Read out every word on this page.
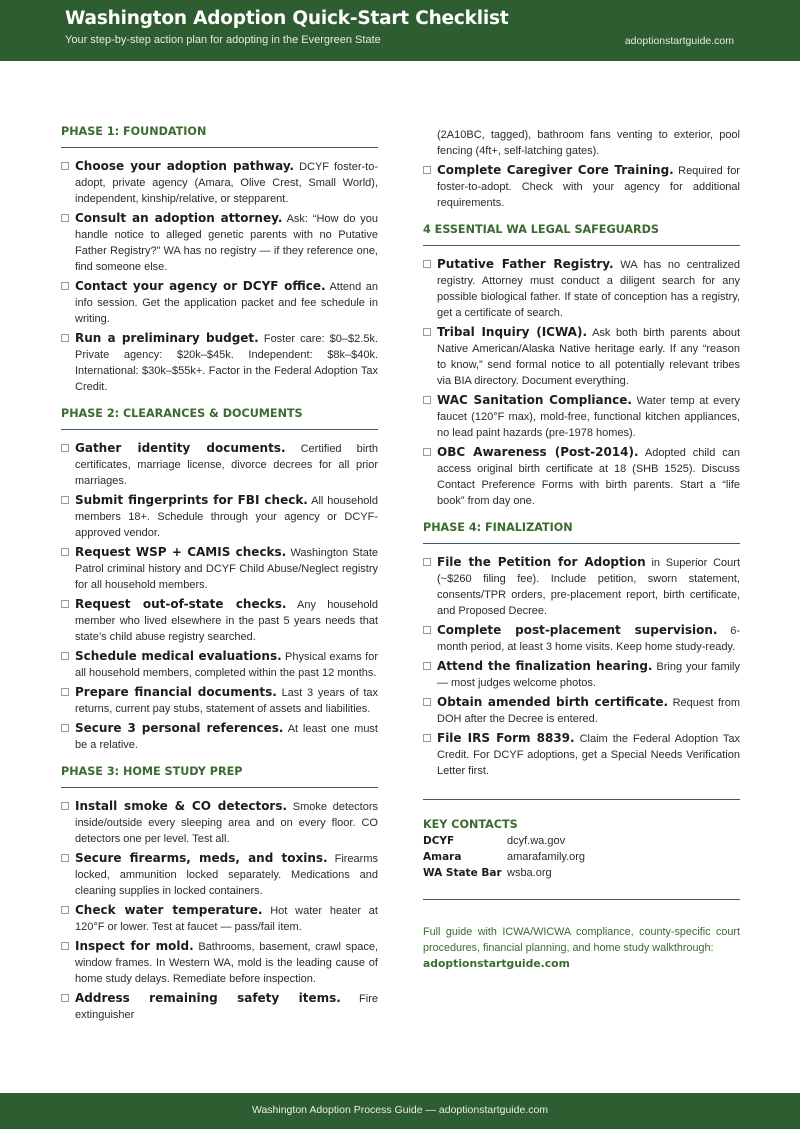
Washington Adoption Quick-Start Checklist
Your step-by-step action plan for adopting in the Evergreen State	adoptionstartguide.com
PHASE 1: FOUNDATION
Choose your adoption pathway. DCYF foster-to-adopt, private agency (Amara, Olive Crest, Small World), independent, kinship/relative, or stepparent.
Consult an adoption attorney. Ask: “How do you handle notice to alleged genetic parents with no Putative Father Registry?” WA has no registry — if they reference one, find someone else.
Contact your agency or DCYF office. Attend an info session. Get the application packet and fee schedule in writing.
Run a preliminary budget. Foster care: $0–$2.5k. Private agency: $20k–$45k. Independent: $8k–$40k. International: $30k–$55k+. Factor in the Federal Adoption Tax Credit.
PHASE 2: CLEARANCES & DOCUMENTS
Gather identity documents. Certified birth certificates, marriage license, divorce decrees for all prior marriages.
Submit fingerprints for FBI check. All household members 18+. Schedule through your agency or DCYF-approved vendor.
Request WSP + CAMIS checks. Washington State Patrol criminal history and DCYF Child Abuse/Neglect registry for all household members.
Request out-of-state checks. Any household member who lived elsewhere in the past 5 years needs that state’s child abuse registry searched.
Schedule medical evaluations. Physical exams for all household members, completed within the past 12 months.
Prepare financial documents. Last 3 years of tax returns, current pay stubs, statement of assets and liabilities.
Secure 3 personal references. At least one must be a relative.
PHASE 3: HOME STUDY PREP
Install smoke & CO detectors. Smoke detectors inside/outside every sleeping area and on every floor. CO detectors one per level. Test all.
Secure firearms, meds, and toxins. Firearms locked, ammunition locked separately. Medications and cleaning supplies in locked containers.
Check water temperature. Hot water heater at 120°F or lower. Test at faucet — pass/fail item.
Inspect for mold. Bathrooms, basement, crawl space, window frames. In Western WA, mold is the leading cause of home study delays. Remediate before inspection.
Address remaining safety items. Fire extinguisher
(2A10BC, tagged), bathroom fans venting to exterior, pool fencing (4ft+, self-latching gates).
Complete Caregiver Core Training. Required for foster-to-adopt. Check with your agency for additional requirements.
4 ESSENTIAL WA LEGAL SAFEGUARDS
Putative Father Registry. WA has no centralized registry. Attorney must conduct a diligent search for any possible biological father. If state of conception has a registry, get a certificate of search.
Tribal Inquiry (ICWA). Ask both birth parents about Native American/Alaska Native heritage early. If any “reason to know,” send formal notice to all potentially relevant tribes via BIA directory. Document everything.
WAC Sanitation Compliance. Water temp at every faucet (120°F max), mold-free, functional kitchen appliances, no lead paint hazards (pre-1978 homes).
OBC Awareness (Post-2014). Adopted child can access original birth certificate at 18 (SHB 1525). Discuss Contact Preference Forms with birth parents. Start a “life book” from day one.
PHASE 4: FINALIZATION
File the Petition for Adoption in Superior Court (~$260 filing fee). Include petition, sworn statement, consents/TPR orders, pre-placement report, birth certificate, and Proposed Decree.
Complete post-placement supervision. 6-month period, at least 3 home visits. Keep home study-ready.
Attend the finalization hearing. Bring your family — most judges welcome photos.
Obtain amended birth certificate. Request from DOH after the Decree is entered.
File IRS Form 8839. Claim the Federal Adoption Tax Credit. For DCYF adoptions, get a Special Needs Verification Letter first.
KEY CONTACTS
DCYF	dcyf.wa.gov
Amara	amarafamily.org
WA State Bar wsba.org
Full guide with ICWA/WICWA compliance, county-specific court procedures, financial planning, and home study walkthrough:
adoptionstartguide.com
Washington Adoption Process Guide — adoptionstartguide.com
